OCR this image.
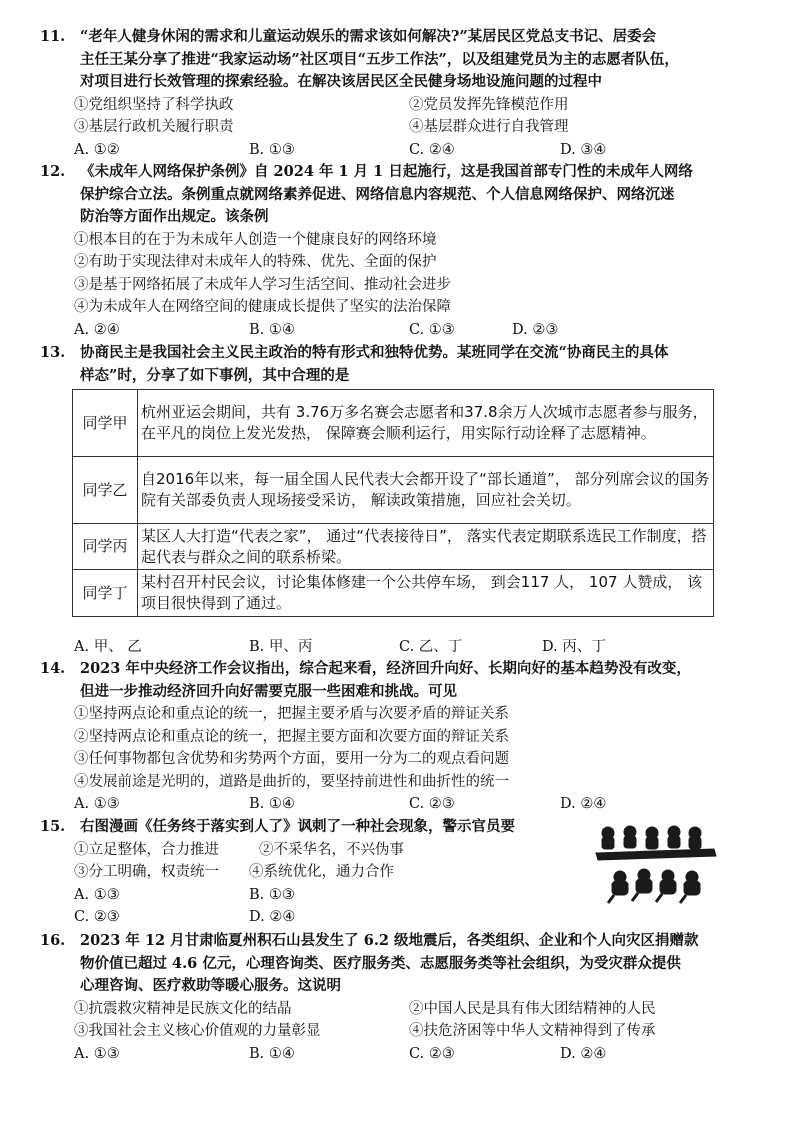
11.	“老年人健身休闲的需求和儿童运动娱乐的需求该如何解决?”某居民区党总支书记、居委会
主任王某分享了推进“我家运动场”社区项目“五步工作法”，以及组建党员为主的志愿者队伍，
对项目进行长效管理的探索经验。在解决该居民区全民健身场地设施问题的过程中
①党组织坚持了科学执政	②党员发挥先锋模范作用
③基层行政机关履行职责	④基层群众进行自我管理
A. ①②	B. ①③	C. ②④	D. ③④
12.	《未成年人网络保护条例》自 2024 年 1 月 1 日起施行，这是我国首部专门性的未成年人网络
保护综合立法。条例重点就网络素养促进、网络信息内容规范、个人信息网络保护、网络沉迷
防治等方面作出规定。该条例
①根本目的在于为未成年人创造一个健康良好的网络环境
②有助于实现法律对未成年人的特殊、优先、全面的保护
③是基于网络拓展了未成年人学习生活空间、推动社会进步
④为未成年人在网络空间的健康成长提供了坚实的法治保障
A. ②④	B. ①④	C. ①③	D. ②③
13.	协商民主是我国社会主义民主政治的特有形式和独特优势。某班同学在交流“协商民主的具体
样态”时，分享了如下事例，其中合理的是
同学甲	杭州亚运会期间，共有 3.76万多名赛会志愿者和37.8余万人次城市志愿者参与服务， 在平凡的岗位上发光发热， 保障赛会顺利运行，用实际行动诠释了志愿精神。
同学乙	自2016年以来，每一届全国人民代表大会都开设了“部长通道”， 部分列席会议的国务院有关部委负责人现场接受采访， 解读政策措施，回应社会关切。
同学丙	某区人大打造“代表之家”， 通过“代表接待日”， 落实代表定期联系选民工作制度，搭起代表与群众之间的联系桥梁。
同学丁	某村召开村民会议，讨论集体修建一个公共停车场， 到会117 人， 107 人赞成， 该项目很快得到了通过。
A. 甲、 乙	B. 甲、丙	C. 乙、丁	D. 丙、丁
14.	2023 年中央经济工作会议指出，综合起来看，经济回升向好、长期向好的基本趋势没有改变，
但进一步推动经济回升向好需要克服一些困难和挑战。可见
①坚持两点论和重点论的统一，把握主要矛盾与次要矛盾的辩证关系
②坚持两点论和重点论的统一，把握主要方面和次要方面的辩证关系
③任何事物都包含优势和劣势两个方面，要用一分为二的观点看问题
④发展前途是光明的，道路是曲折的，要坚持前进性和曲折性的统一
A. ①③	B. ①④	C. ②③	D. ②④
15.	右图漫画《任务终于落实到人了》讽刺了一种社会现象，警示官员要
①立足整体，合力推进	②不采华名，不兴伪事
③分工明确，权责统一 ④系统优化，通力合作
A. ①③	B. ①③
C. ②③	D. ②④
16.	2023 年 12 月甘肃临夏州积石山县发生了 6.2 级地震后，各类组织、企业和个人向灾区捐赠款
物价值已超过 4.6 亿元，心理咨询类、医疗服务类、志愿服务类等社会组织，为受灾群众提供
心理咨询、医疗救助等暖心服务。这说明
①抗震救灾精神是民族文化的结晶	②中国人民是具有伟大团结精神的人民
③我国社会主义核心价值观的力量彰显	④扶危济困等中华人文精神得到了传承
A. ①③	B. ①④	C. ②③	D. ②④
